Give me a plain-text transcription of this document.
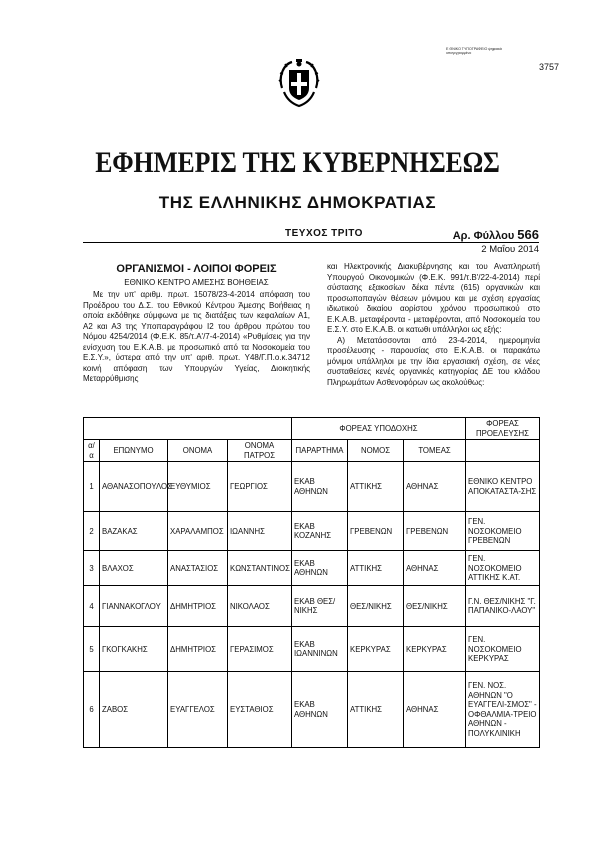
Ε ΘΝΙΚΟ ΤΥΠΟΓΡΑΦΕΙΟ ψηφιακά υπογεγραμμένο
3757
ΕΦΗΜΕΡΙΣ ΤΗΣ ΚΥΒΕΡΝΗΣΕΩΣ
ΤΗΣ ΕΛΛΗΝΙΚΗΣ ΔΗΜΟΚΡΑΤΙΑΣ
ΤΕΥΧΟΣ ΤΡΙΤΟ	Αρ. Φύλλου 566
2 Μαΐου 2014
ΟΡΓΑΝΙΣΜΟΙ - ΛΟΙΠΟΙ ΦΟΡΕΙΣ
ΕΘΝΙΚΟ ΚΕΝΤΡΟ ΑΜΕΣΗΣ ΒΟΗΘΕΙΑΣ

Με την υπ' αριθμ. πρωτ. 15078/23-4-2014 απόφαση του Προέδρου του Δ.Σ. του Εθνικού Κέντρου Άμεσης Βοήθειας η οποία εκδόθηκε σύμφωνα με τις διατάξεις των κεφαλαίων Α1, Α2 και Α3 της Υποπαραγράφου Ι2 του άρθρου πρώτου του Νόμου 4254/2014 (Φ.Ε.Κ. 85/τ.Α'/7-4-2014) «Ρυθμίσεις για την ενίσχυση του Ε.Κ.Α.Β. με προσωπικό από τα Νοσοκομεία του Ε.Σ.Υ.», ύστερα από την υπ' αριθ. πρωτ. Υ48/Γ.Π.ο.κ.34712 κοινή απόφαση των Υπουργών Υγείας, Διοικητικής Μεταρρύθμισης

και Ηλεκτρονικής Διακυβέρνησης και του Αναπληρωτή Υπουργού Οικονομικών (Φ.Ε.Κ. 991/τ.Β'/22-4-2014) περί σύστασης εξακοσίων δέκα πέντε (615) οργανικών και προσωποπαγών θέσεων μόνιμου και με σχέση εργασίας ιδιωτικού δικαίου αορίστου χρόνου προσωπικού στο Ε.Κ.Α.Β. μεταφέροντα - μεταφέρονται, από Νοσοκομεία του Ε.Σ.Υ. στο Ε.Κ.Α.Β. οι κατωθι υπάλληλοι ως εξής:

Α) Μετατάσσονται από 23-4-2014, ημερομηνία προσέλευσης - παρουσίας στο Ε.Κ.Α.Β. οι παρακάτω μόνιμοι υπάλληλοι με την ίδια εργασιακή σχέση, σε νέες συσταθείσες κενές οργανικές κατηγορίας ΔΕ του κλάδου Πληρωμάτων Ασθενοφόρων ως ακολούθως:

				ΦΟΡΕΑΣ ΥΠΟΔΟΧΗΣ			ΦΟΡΕΑΣ ΠΡΟΕΛΕΥΣΗΣ
α/α	ΕΠΩΝΥΜΟ	ΟΝΟΜΑ	ΟΝΟΜΑ ΠΑΤΡΟΣ	ΠΑΡΑΡΤΗΜΑ	ΝΟΜΟΣ	ΤΟΜΕΑΣ	
1	ΑΘΑΝΑΣΟΠΟΥΛΟΣ	ΕΥΘΥΜΙΟΣ	ΓΕΩΡΓΙΟΣ	ΕΚΑΒ ΑΘΗΝΩΝ	ΑΤΤΙΚΗΣ	ΑΘΗΝΑΣ	ΕΘΝΙΚΟ ΚΕΝΤΡΟ ΑΠΟΚΑΤΑΣΤΑ-ΣΗΣ
2	ΒΑΖΑΚΑΣ	ΧΑΡΑΛΑΜΠΟΣ	ΙΩΑΝΝΗΣ	ΕΚΑΒ ΚΟΖΑΝΗΣ	ΓΡΕΒΕΝΩΝ	ΓΡΕΒΕΝΩΝ	ΓΕΝ. ΝΟΣΟΚΟΜΕΙΟ ΓΡΕΒΕΝΩΝ
3	ΒΛΑΧΟΣ	ΑΝΑΣΤΑΣΙΟΣ	ΚΩΝΣΤΑΝΤΙΝΟΣ	ΕΚΑΒ ΑΘΗΝΩΝ	ΑΤΤΙΚΗΣ	ΑΘΗΝΑΣ	ΓΕΝ. ΝΟΣΟΚΟΜΕΙΟ ΑΤΤΙΚΗΣ Κ.ΑΤ.
4	ΓΙΑΝΝΑΚΟΓΛΟΥ	ΔΗΜΗΤΡΙΟΣ	ΝΙΚΟΛΑΟΣ	ΕΚΑΒ ΘΕΣ/ΝΙΚΗΣ	ΘΕΣ/ΝΙΚΗΣ	ΘΕΣ/ΝΙΚΗΣ	Γ.Ν. ΘΕΣ/ΝΙΚΗΣ "Γ. ΠΑΠΑΝΙΚΟ-ΛΑΟΥ"
5	ΓΚΟΓΚΑΚΗΣ	ΔΗΜΗΤΡΙΟΣ	ΓΕΡΑΣΙΜΟΣ	ΕΚΑΒ ΙΩΑΝΝΙΝΩΝ	ΚΕΡΚΥΡΑΣ	ΚΕΡΚΥΡΑΣ	ΓΕΝ. ΝΟΣΟΚΟΜΕΙΟ ΚΕΡΚΥΡΑΣ
6	ΖΑΒΟΣ	ΕΥΑΓΓΕΛΟΣ	ΕΥΣΤΑΘΙΟΣ	ΕΚΑΒ ΑΘΗΝΩΝ	ΑΤΤΙΚΗΣ	ΑΘΗΝΑΣ	ΓΕΝ. ΝΟΣ. ΑΘΗΝΩΝ "Ο ΕΥΑΓΓΕΛΙ-ΣΜΟΣ" - ΟΦΘΑΛΜΙΑ-ΤΡΕΙΟ ΑΘΗΝΩΝ - ΠΟΛΥΚΛΙΝΙΚΗ
